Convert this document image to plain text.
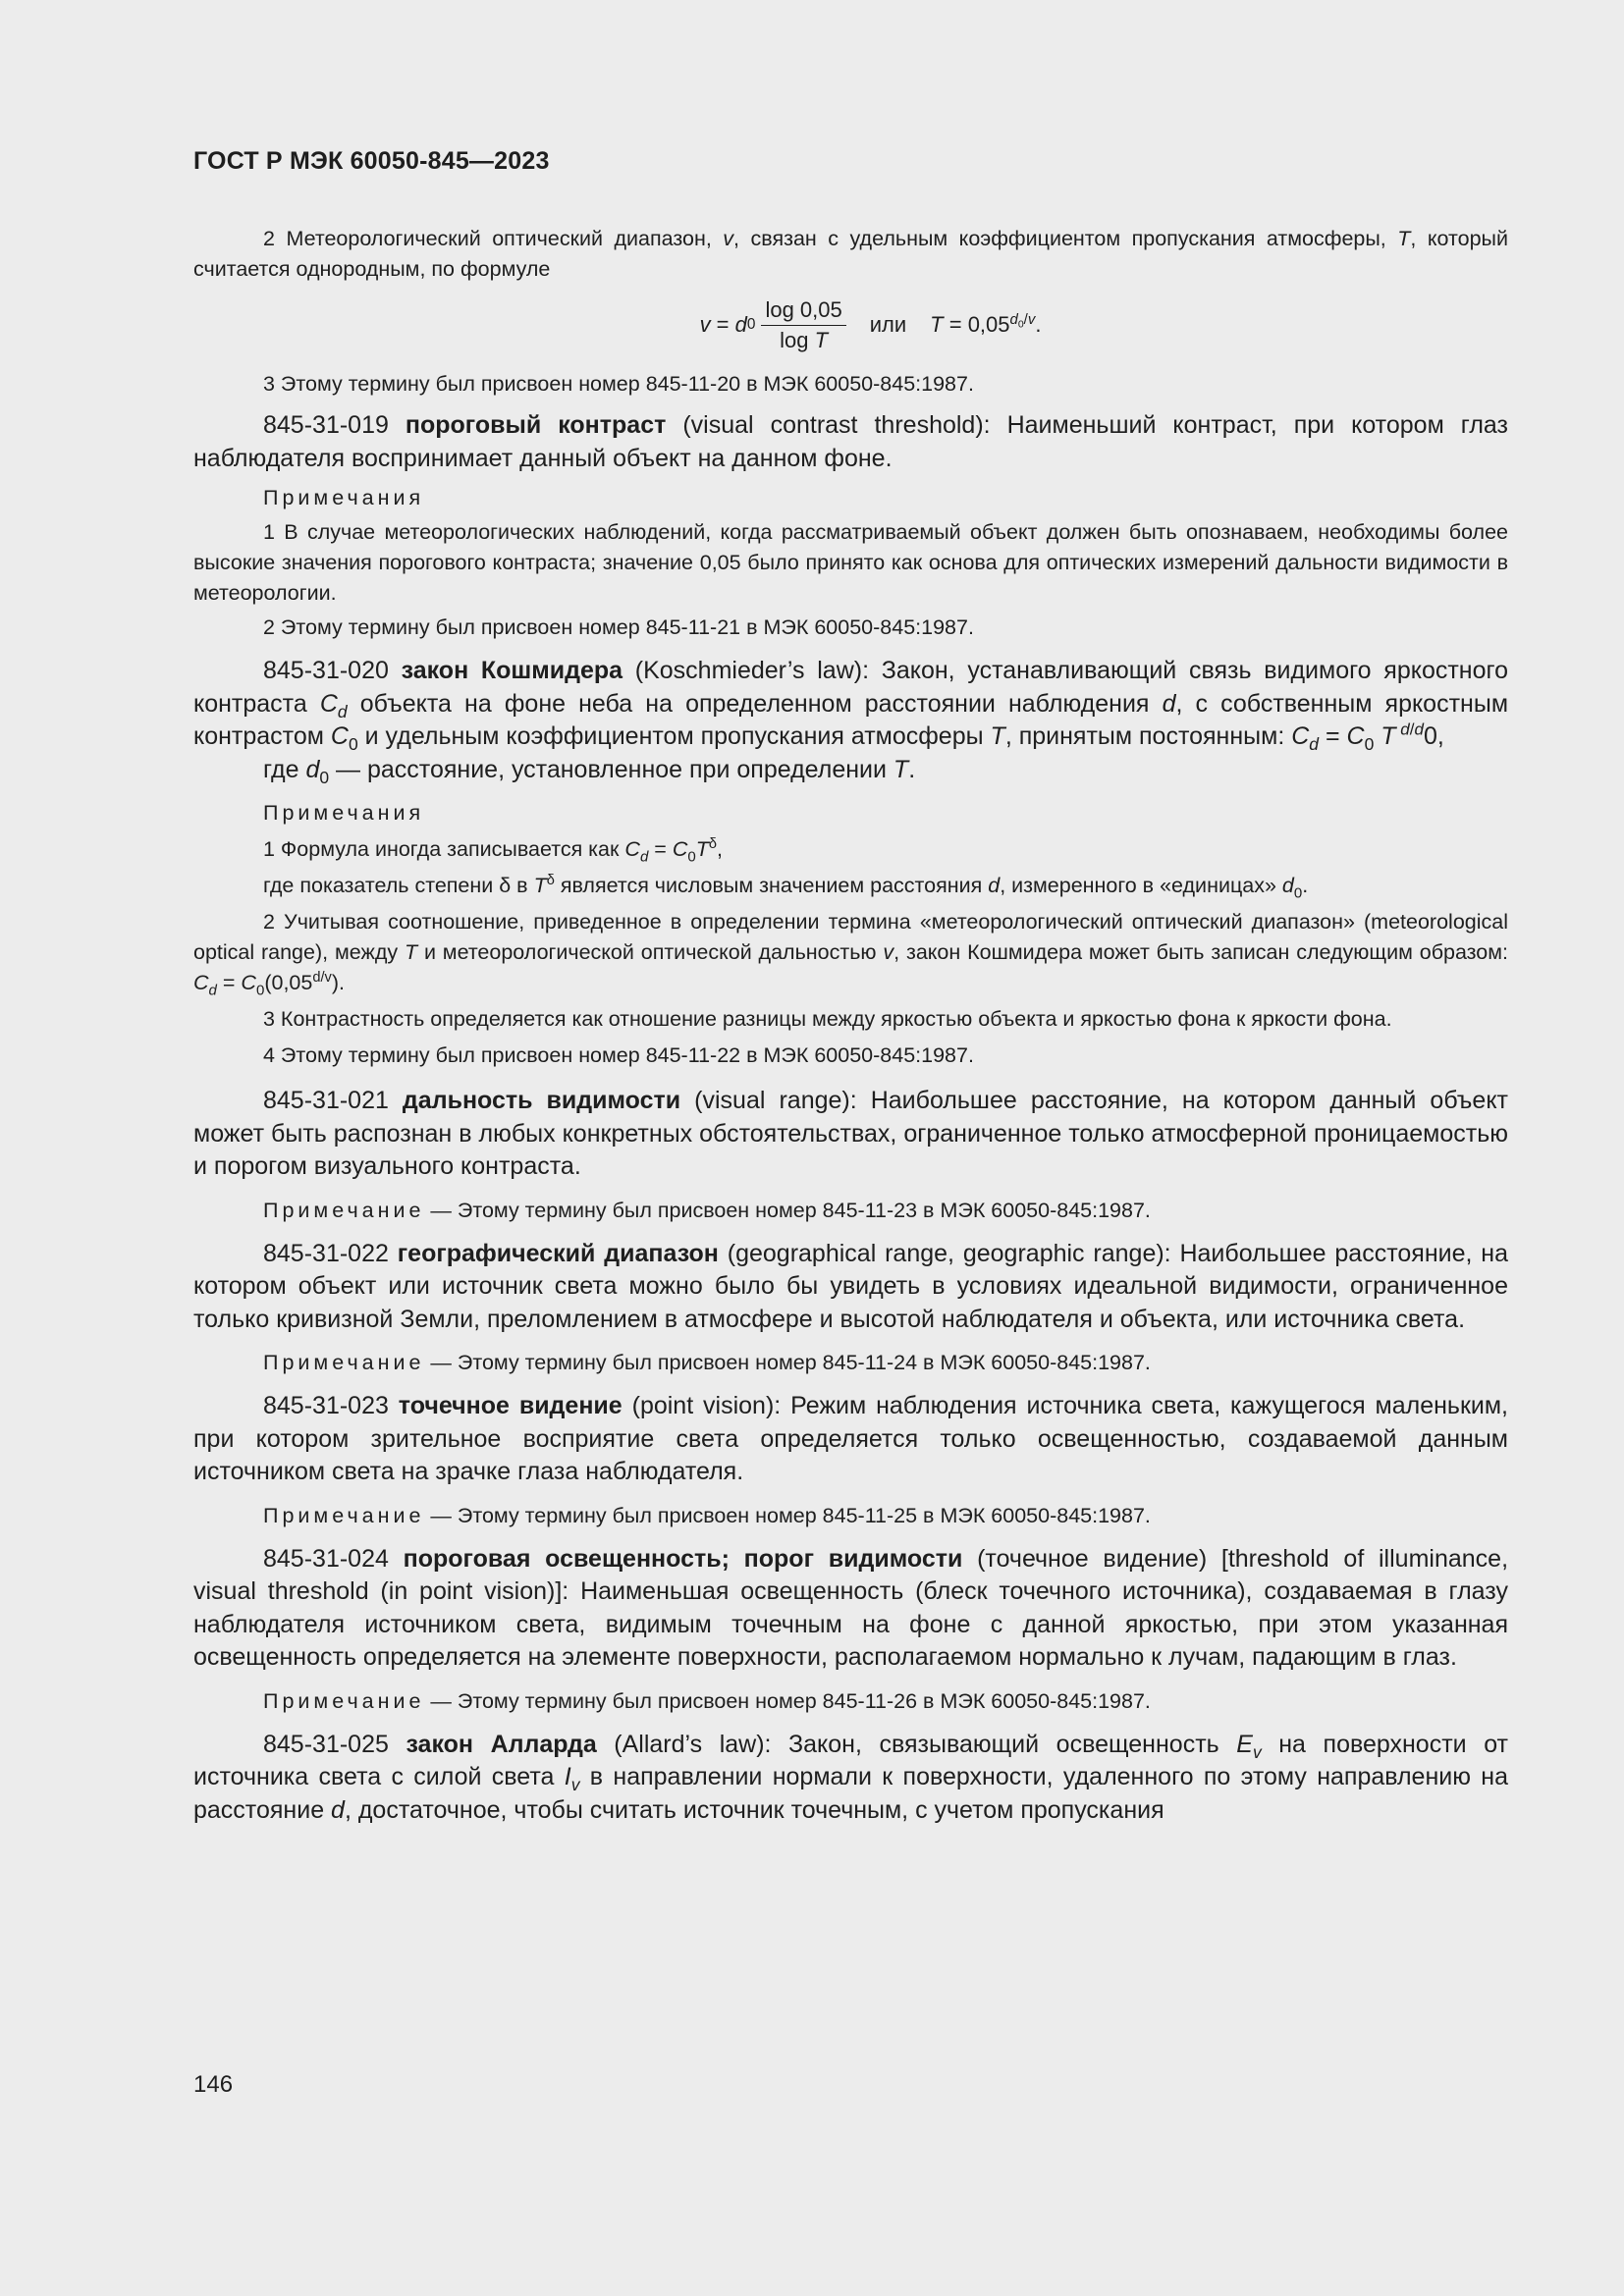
ГОСТ Р МЭК 60050-845—2023

2 Метеорологический оптический диапазон, v, связан с удельным коэффициентом пропускания атмосферы, T, который считается однородным, по формуле

v = d $0 \frac{\log 0,05}{\text{log T}}$ или $T = 0,05^{d_0/v}$.

3 Этому термину был присвоен номер 845-11-20 в МЭК 60050-845:1987.

845-31-019 пороговый контраст (visual contrast threshold): Наименьший контраст, при котором глаз наблюдателя воспринимает данный объект на данном фоне.

Примечания

1 В случае метеорологических наблюдений, когда рассматриваемый объект должен быть опознаваем, необходимы более высокие значения порогового контраста; значение 0,05 было принято как основа для оптических измерений дальности видимости в метеорологии.

2 Этому термину был присвоен номер 845-11-21 в МЭК 60050-845:1987.

845-31-020 закон Кошмидера (Koschmieder’s law): Закон, устанавливающий связь видимого яркостного контраста $C_d$ объекта на фоне неба на определенном расстоянии наблюдения d, с собственным яркостным контрастом $C_0$ и удельным коэффициентом пропускания атмосферы T, принятым постоянным: $C_d = C_0$ T $^{d/d}$0,

где $d_0$ — расстояние, установленное при определении T.

Примечания

1 Формула иногда записывается как $C_d = C_0T^\delta$,

где показатель степени δ в $T^\delta$ является числовым значением расстояния d, измеренного в «единицах» $d_0$.

2 Учитывая соотношение, приведенное в определении термина «метеорологический оптический диапазон» (meteorological optical range), между T и метеорологической оптической дальностью v, закон Кошмидера может быть записан следующим образом: $C_d = C_0(0,05^{d/v})$.

3 Контрастность определяется как отношение разницы между яркостью объекта и яркостью фона к яркости фона.

4 Этому термину был присвоен номер 845-11-22 в МЭК 60050-845:1987.

845-31-021 дальность видимости (visual range): Наибольшее расстояние, на котором данный объект может быть распознан в любых конкретных обстоятельствах, ограниченное только атмосферной проницаемостью и порогом визуального контраста.

Примечание — Этому термину был присвоен номер 845-11-23 в МЭК 60050-845:1987.

845-31-022 географический диапазон (geographical range, geographic range): Наибольшее расстояние, на котором объект или источник света можно было бы увидеть в условиях идеальной видимости, ограниченное только кривизной Земли, преломлением в атмосфере и высотой наблюдателя и объекта, или источника света.

Примечание — Этому термину был присвоен номер 845-11-24 в МЭК 60050-845:1987.

845-31-023 точечное видение (point vision): Режим наблюдения источника света, кажущегося маленьким, при котором зрительное восприятие света определяется только освещенностью, создаваемой данным источником света на зрачке глаза наблюдателя.

Примечание — Этому термину был присвоен номер 845-11-25 в МЭК 60050-845:1987.

845-31-024 пороговая освещенность; порог видимости (точечное видение) [threshold of illuminance, visual threshold (in point vision)]: Наименьшая освещенность (блеск точечного источника), создаваемая в глазу наблюдателя источником света, видимым точечным на фоне с данной яркостью, при этом указанная освещенность определяется на элементе поверхности, располагаемом нормально к лучам, падающим в глаз.

Примечание — Этому термину был присвоен номер 845-11-26 в МЭК 60050-845:1987.

845-31-025 закон Алларда (Allard’s law): Закон, связывающий освещенность $E_v$ на поверхности от источника света с силой света $I_v$ в направлении нормали к поверхности, удаленного по этому направлению на расстояние d, достаточное, чтобы считать источник точечным, с учетом пропускания

146
